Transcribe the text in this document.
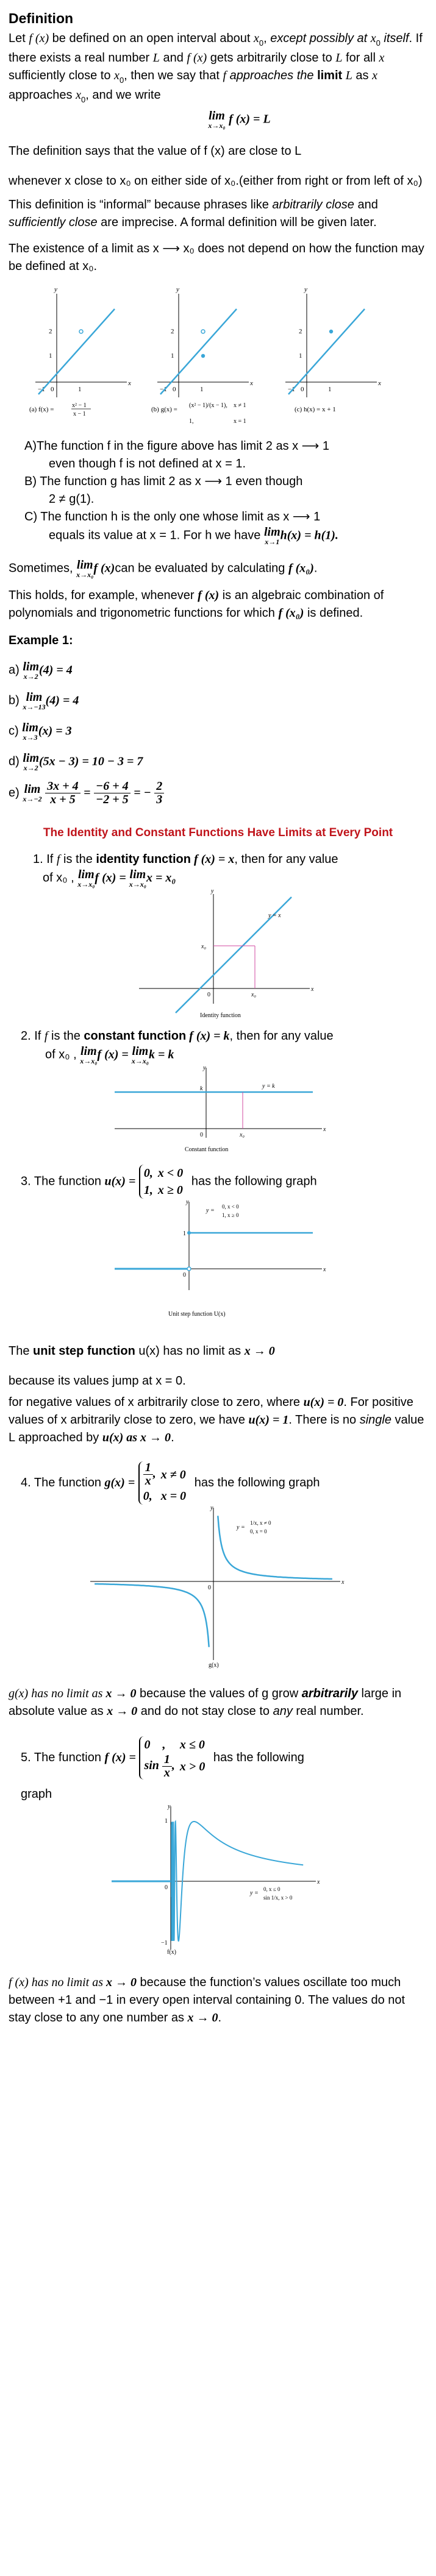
Definition

Let f (x) be defined on an open interval about $x_0$, except possibly at $x_0$ itself. If there exists a real number L and f (x) gets arbitrarily close to L for all x sufficiently close to $x_0$, then we say that f approaches the limit L as x approaches $x_0$, and we write

lim
x→x₀ f (x) = L

The definition says that the value of f (x) are close to L

whenever x close to x₀ on either side of x₀.(either from right or from left of x₀)

This definition is “informal” because phrases like arbitrarily close and sufficiently close are imprecise. A formal definition will be given later.

The existence of a limit as x ⟶ x₀ does not depend on how the function may be defined at x₀.

y
x
2
1
−1 0	1
(a) f(x) =
x² − 1
x − 1
y
x
2
1
−1 0	1
(b) g(x) =
(x² − 1)/(x − 1), x ≠ 1
1,	x = 1
y
x
2
1
−1 0	1
(c) h(x) = x + 1

A)The function f in the figure above has limit 2 as x ⟶ 1

even though f is not defined at x = 1.

B) The function g has limit 2 as x ⟶ 1 even though

2 ≠ g(1).

C) The function h is the only one whose limit as x ⟶ 1

equals its value at x = 1. For h we have lim
x→1 h(x) = h(1).

Sometimes, lim
x→x₀ f (x)can be evaluated by calculating f (x₀).

This holds, for example, whenever f (x) is an algebraic combination of polynomials and trigonometric functions for which f (x₀) is defined.

Example 1:

a) lim
x→2 (4) = 4

b) lim
x→−13 (4) = 4

c) lim
x→3 (x) = 3

d) lim
x→2 (5x − 3) = 10 − 3 = 7

e) lim
x→−2
$\frac{3x + 4}{x + 5} = \frac{-6 + 4}{-2 + 5}$ = − $\frac{2}{3}$

The Identity and Constant Functions Have Limits at Every Point

1. If f is the identity function f (x) = x, then for any value

of x₀ , lim
x→x₀ f (x) = lim
x→x₀ x = x₀

y
x
0
x₀
x₀
y = x
Identity function

2. If f is the constant function f (x) = k, then for any value

of x₀ , lim
x→x₀ f (x) = lim
x→x₀ k = k

y
x
0
k
x₀
y = k
Constant function
3. The function u(x) =
0,	x < 0
1,	x ≥ 0
has the following graph
y
x
0
1
y =
0, x < 0
1, x ≥ 0
Unit step function U(x)

The unit step function u(x) has no limit as x → 0

because its values jump at x = 0.

for negative values of x arbitrarily close to zero, where u(x) = 0. For positive values of x arbitrarily close to zero, we have u(x) = 1. There is no single value L approached by u(x) as x → 0.

4. The function $g(x) = \frac{1}{x}$ ,	x ≠ 0
0,	x = 0
has the following graph
y
x
0
y =
1/x, x ≠ 0
0, x = 0
g(x)

g(x) has no limit as x → 0 because the values of g grow arbitrarily large in absolute value as x → 0 and do not stay close to any real number.

5. The function f (x) =
0 ,	x ≤ 0
$\sin \frac{1}{x}$ ,	x > 0
has the following

graph

y
x
0
1
−1
y =
0, x ≤ 0
sin 1/x, x > 0
f(x)

f (x) has no limit as x → 0 because the function’s values oscillate too much between +1 and −1 in every open interval containing 0. The values do not stay close to any one number as x → 0.
